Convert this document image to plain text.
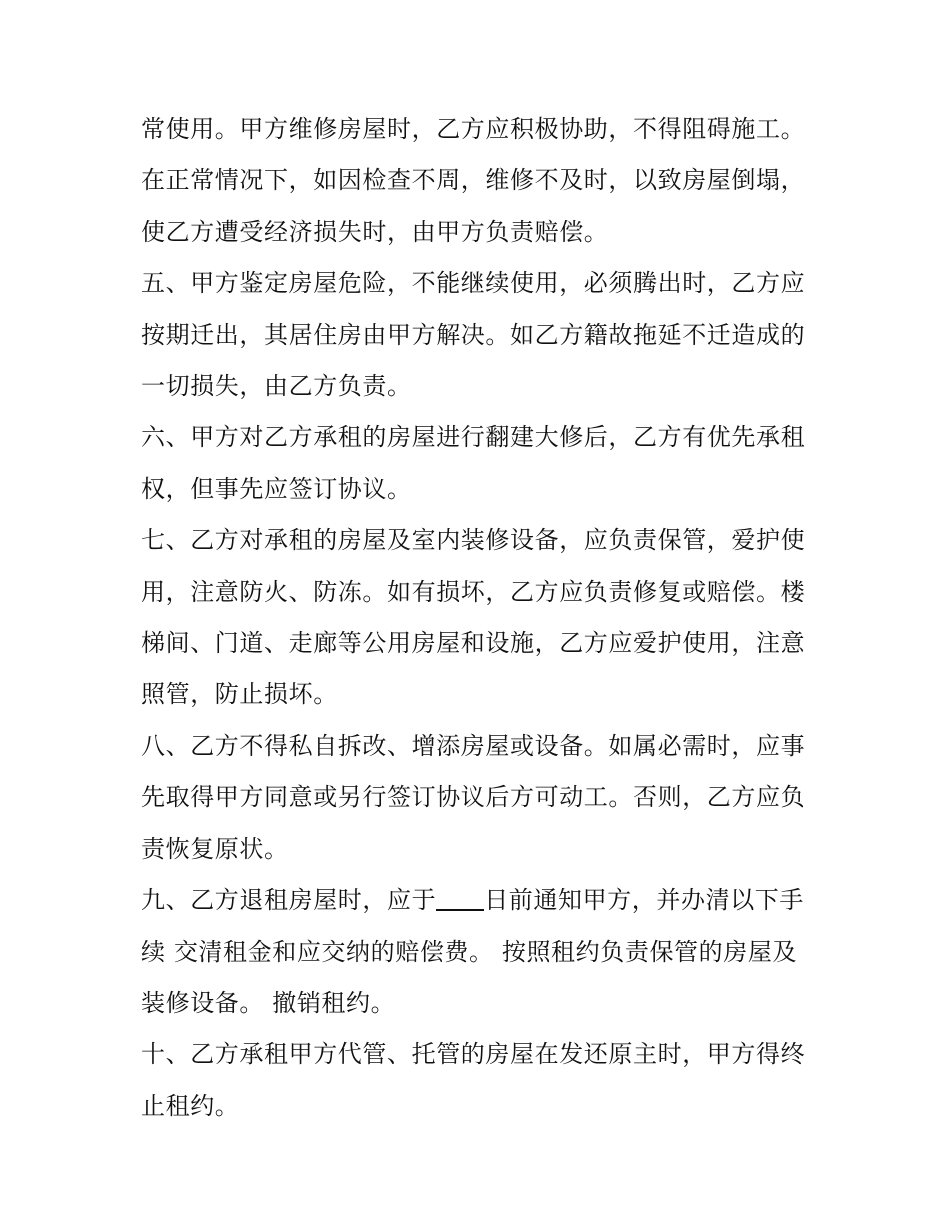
常使用。甲方维修房屋时，乙方应积极协助，不得阻碍施工。
在正常情况下，如因检查不周，维修不及时，以致房屋倒塌，
使乙方遭受经济损失时，由甲方负责赔偿。

五、甲方鉴定房屋危险，不能继续使用，必须腾出时，乙方应
按期迁出，其居住房由甲方解决。如乙方籍故拖延不迁造成的
一切损失，由乙方负责。

六、甲方对乙方承租的房屋进行翻建大修后，乙方有优先承租
权，但事先应签订协议。

七、乙方对承租的房屋及室内装修设备，应负责保管，爱护使
用，注意防火、防冻。如有损坏，乙方应负责修复或赔偿。楼
梯间、门道、走廊等公用房屋和设施，乙方应爱护使用，注意
照管，防止损坏。

八、乙方不得私自拆改、增添房屋或设备。如属必需时，应事
先取得甲方同意或另行签订协议后方可动工。否则，乙方应负
责恢复原状。

九、乙方退租房屋时，应于 日前通知甲方，并办清以下手
续 交清租金和应交纳的赔偿费。 按照租约负责保管的房屋及
装修设备。 撤销租约。

十、乙方承租甲方代管、托管的房屋在发还原主时，甲方得终
止租约。
